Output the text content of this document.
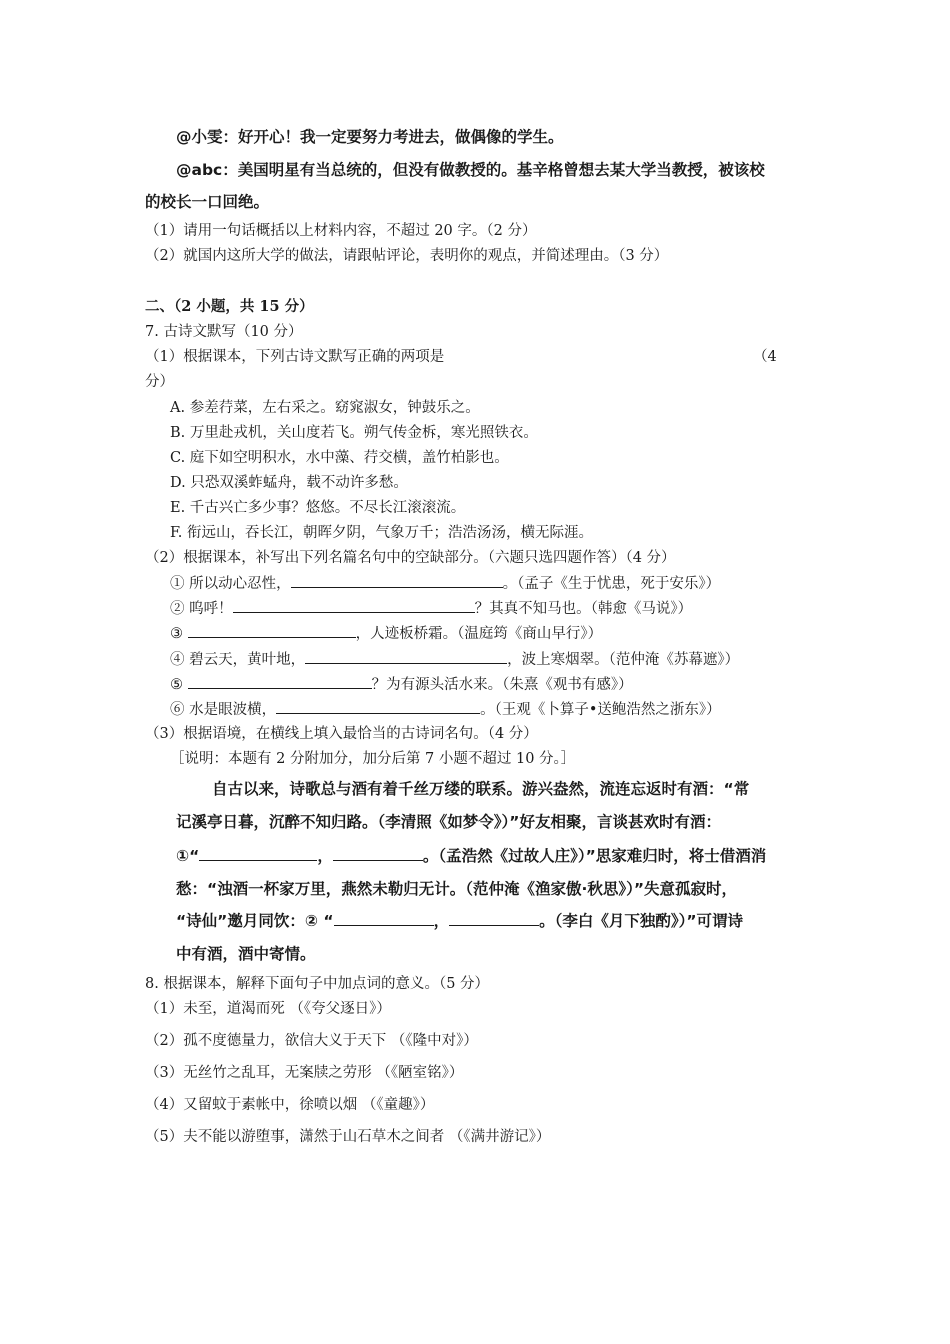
@小雯：好开心！我一定要努力考进去，做偶像的学生。
@abc：美国明星有当总统的，但没有做教授的。基辛格曾想去某大学当教授，被该校
的校长一口回绝。
（1）请用一句话概括以上材料内容，不超过 20 字。（2 分）
（2）就国内这所大学的做法，请跟帖评论，表明你的观点，并简述理由。（3 分）
二、（2 小题，共 15 分）
7. 古诗文默写（10 分）
（1）根据课本，下列古诗文默写正确的两项是	（4
分）
A. 参差荇菜，左右采之。窈窕淑女，钟鼓乐之。
B. 万里赴戎机，关山度若飞。朔气传金柝，寒光照铁衣。
C. 庭下如空明积水，水中藻、荇交横，盖竹柏影也。
D. 只恐双溪蚱蜢舟，载不动许多愁。
E. 千古兴亡多少事？悠悠。不尽长江滚滚流。
F. 衔远山，吞长江，朝晖夕阴，气象万千；浩浩汤汤，横无际涯。
（2）根据课本，补写出下列名篇名句中的空缺部分。（六题只选四题作答）（4 分）
① 所以动心忍性，	。（孟子《生于忧患，死于安乐》）
② 呜呼！	？其真不知马也。（韩愈《马说》）
③	，人迹板桥霜。（温庭筠《商山早行》）
④ 碧云天，黄叶地，	，波上寒烟翠。（范仲淹《苏幕遮》）
⑤	？为有源头活水来。（朱熹《观书有感》）
⑥ 水是眼波横，	。（王观《卜算子•送鲍浩然之浙东》）
（3）根据语境，在横线上填入最恰当的古诗词名句。（4 分）
［说明：本题有 2 分附加分，加分后第 7 小题不超过 10 分。］
自古以来，诗歌总与酒有着千丝万缕的联系。游兴盎然，流连忘返时有酒：“常
记溪亭日暮，沉醉不知归路。（李清照《如梦令》）”好友相聚，言谈甚欢时有酒：
①“	，	。（孟浩然《过故人庄》）”思家难归时，将士借酒消
愁：“浊酒一杯家万里，燕然未勒归无计。（范仲淹《渔家傲·秋思》）”失意孤寂时，
“诗仙”邀月同饮：② “	，	。（李白《月下独酌》）”可谓诗
中有酒，酒中寄情。
8. 根据课本，解释下面句子中加点词的意义。（5 分）
（1）未至，道渴而死 （《夸父逐日》）
（2）孤不度德量力，欲信大义于天下 （《隆中对》）
（3）无丝竹之乱耳，无案牍之劳形 （《陋室铭》）
（4）又留蚊于素帐中，徐喷以烟 （《童趣》）
（5）夫不能以游堕事，潇然于山石草木之间者 （《满井游记》）
